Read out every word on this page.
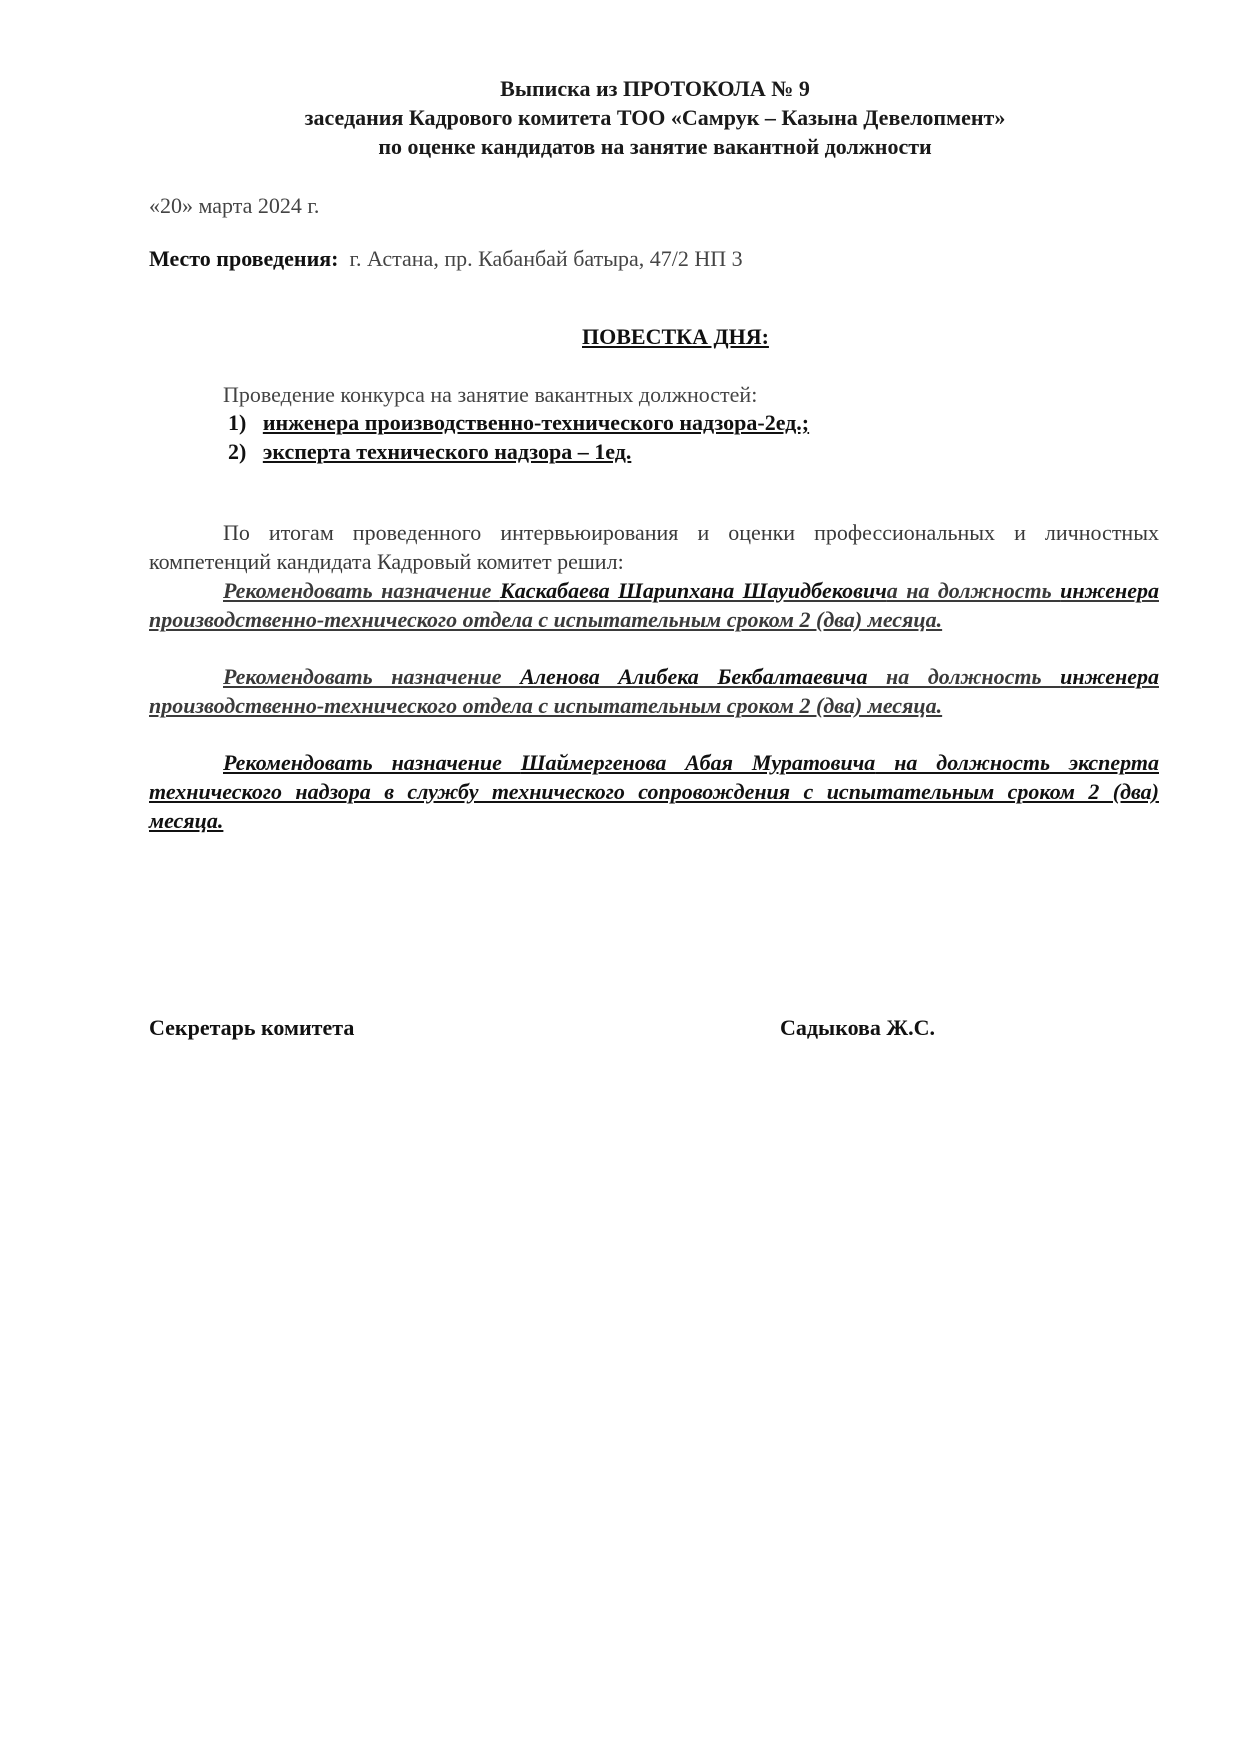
Выписка из ПРОТОКОЛА № 9
заседания Кадрового комитета ТОО «Самрук – Казына Девелопмент»
по оценке кандидатов на занятие вакантной должности
«20» марта 2024 г.
Место проведения: г. Астана, пр. Кабанбай батыра, 47/2 НП 3
ПОВЕСТКА ДНЯ:
Проведение конкурса на занятие вакантных должностей:
1) инженера производственно-технического надзора-2ед.;
2) эксперта технического надзора – 1ед.
По итогам проведенного интервьюирования и оценки профессиональных и личностных компетенций кандидата Кадровый комитет решил:
Рекомендовать назначение Каскабаева Шарипхана Шауидбековича на должность инженера производственно-технического отдела с испытательным сроком 2 (два) месяца.
Рекомендовать назначение Аленова Алибека Бекбалтаевича на должность инженера производственно-технического отдела с испытательным сроком 2 (два) месяца.
Рекомендовать назначение Шаймергенова Абая Муратовича на должность эксперта технического надзора в службу технического сопровождения с испытательным сроком 2 (два) месяца.
Секретарь комитета	Садыкова Ж.С.
